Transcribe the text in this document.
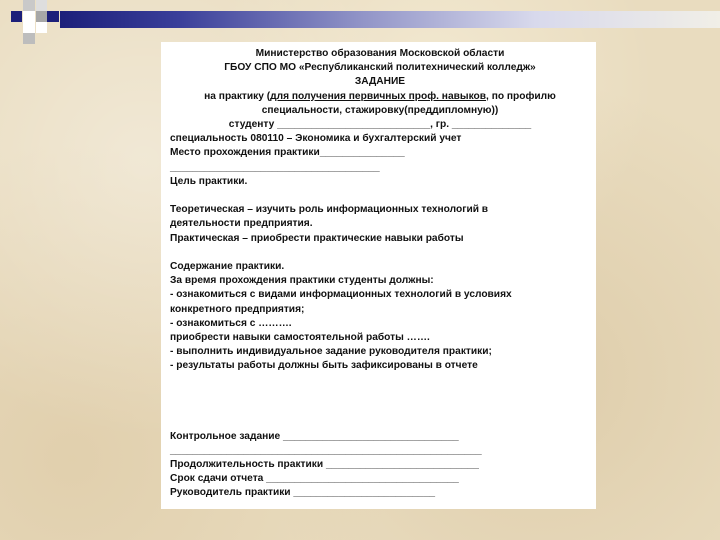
Министерство образования Московской области

ГБОУ СПО МО «Республиканский политехнический колледж»

ЗАДАНИЕ

на практику (для получения первичных проф. навыков, по профилю

специальности, стажировку(преддипломную))

студенту ___________________________, гр. ______________

специальность 080110 – Экономика и бухгалтерский учет

Место прохождения практики_______________

_____________________________________

Цель практики.

Теоретическая – изучить роль информационных технологий в

деятельности предприятия.

Практическая – приобрести практические навыки работы

Содержание практики.

За время прохождения практики студенты должны:

- ознакомиться с видами информационных технологий в условиях

конкретного предприятия;

- ознакомиться с ……….

приобрести навыки самостоятельной работы …….

- выполнить индивидуальное задание руководителя практики;

- результаты работы должны быть зафиксированы в отчете

Контрольное задание _______________________________

_______________________________________________________

Продолжительность практики ___________________________

Срок сдачи отчета __________________________________

Руководитель практики _________________________
